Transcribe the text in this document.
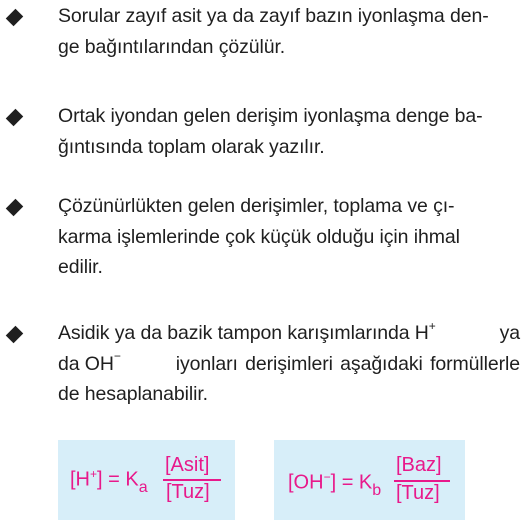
Sorular zayıf asit ya da zayıf bazın iyonlaşma den-
ge bağıntılarından çözülür.
Ortak iyondan gelen derişim iyonlaşma denge ba-
ğıntısında toplam olarak yazılır.
Çözünürlükten gelen derişimler, toplama ve çı-
karma işlemlerinde çok küçük olduğu için ihmal
edilir.
Asidik ya da bazik tampon karışımlarında H+	ya
da OH−	iyonları derişimleri aşağıdaki formüllerle
de hesaplanabilir.
$[H^+] = K_a$
[Asit]
[Tuz]	$[OH^-] = K_b$
[Baz]
[Tuz]
